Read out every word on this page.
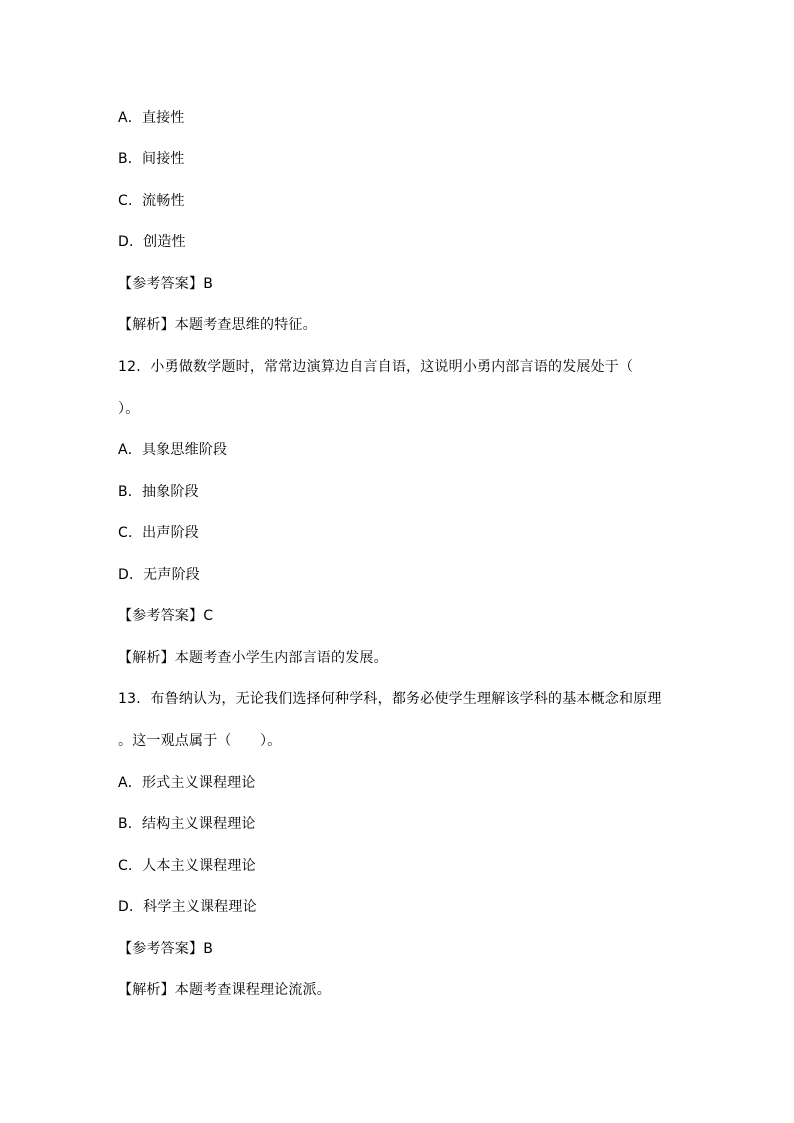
A．直接性
B．间接性
C．流畅性
D．创造性
【参考答案】B
【解析】本题考查思维的特征。
12．小勇做数学题时，常常边演算边自言自语，这说明小勇内部言语的发展处于（
）。
A．具象思维阶段
B．抽象阶段
C．出声阶段
D．无声阶段
【参考答案】C
【解析】本题考查小学生内部言语的发展。
13．布鲁纳认为，无论我们选择何种学科，都务必使学生理解该学科的基本概念和原理
。这一观点属于（　　）。
A．形式主义课程理论
B．结构主义课程理论
C．人本主义课程理论
D．科学主义课程理论
【参考答案】B
【解析】本题考查课程理论流派。
